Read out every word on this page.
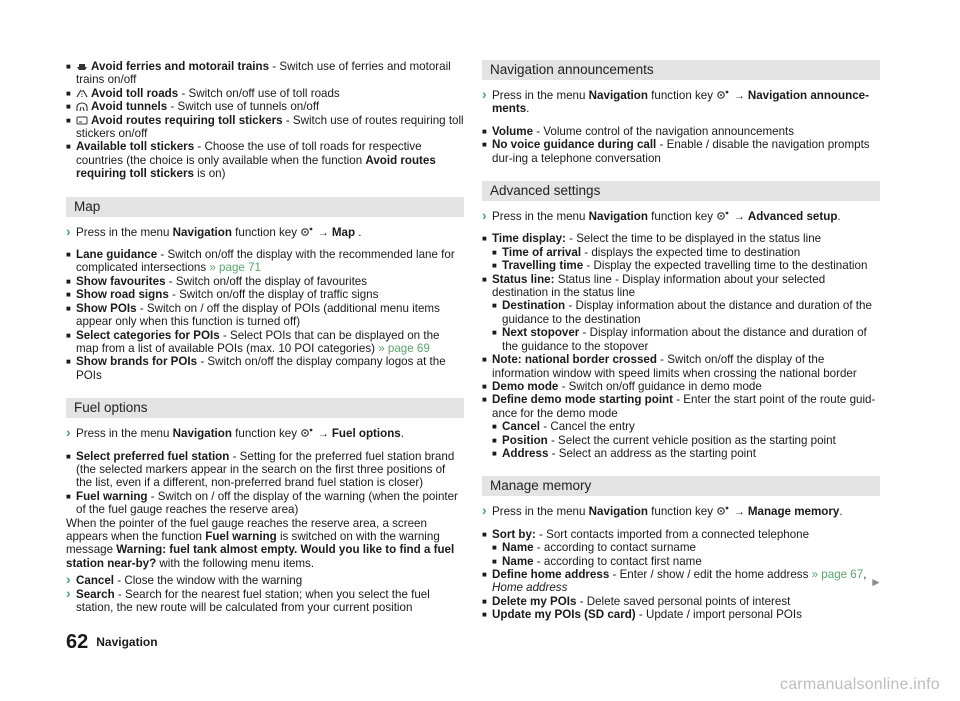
■ Avoid ferries and motorail trains - Switch use of ferries and motorail trains on/off

■ Avoid toll roads - Switch on/off use of toll roads

■ Avoid tunnels - Switch use of tunnels on/off

■ Avoid routes requiring toll stickers - Switch use of routes requiring toll stickers on/off

■ Available toll stickers - Choose the use of toll roads for respective countries (the choice is only available when the function Avoid routes requiring toll stickers is on)

Map

› Press in the menu Navigation function key → Map .

■ Lane guidance - Switch on/off the display with the recommended lane for complicated intersections » page 71

■ Show favourites - Switch on/off the display of favourites

■ Show road signs - Switch on/off the display of traffic signs

■ Show POIs - Switch on / off the display of POIs (additional menu items appear only when this function is turned off)

■ Select categories for POIs - Select POIs that can be displayed on the map from a list of available POIs (max. 10 POI categories) » page 69

■ Show brands for POIs - Switch on/off the display company logos at the POIs

Fuel options

› Press in the menu Navigation function key → Fuel options.

■ Select preferred fuel station - Setting for the preferred fuel station brand (the selected markers appear in the search on the first three positions of the list, even if a different, non-preferred brand fuel station is closer)

■ Fuel warning - Switch on / off the display of the warning (when the pointer of the fuel gauge reaches the reserve area)

When the pointer of the fuel gauge reaches the reserve area, a screen appears when the function Fuel warning is switched on with the warning message Warning: fuel tank almost empty. Would you like to find a fuel station near-by? with the following menu items.

› Cancel - Close the window with the warning

› Search - Search for the nearest fuel station; when you select the fuel station, the new route will be calculated from your current position

Navigation announcements

› Press in the menu Navigation function key → Navigation announce-ments.

■ Volume - Volume control of the navigation announcements

■ No voice guidance during call - Enable / disable the navigation prompts dur-ing a telephone conversation

Advanced settings

› Press in the menu Navigation function key → Advanced setup.

■ Time display: - Select the time to be displayed in the status line

■ Time of arrival - displays the expected time to destination

■ Travelling time - Display the expected travelling time to the destination

■ Status line: Status line - Display information about your selected destination in the status line

■ Destination - Display information about the distance and duration of the guidance to the destination

■ Next stopover - Display information about the distance and duration of the guidance to the stopover

■ Note: national border crossed - Switch on/off the display of the information window with speed limits when crossing the national border

■ Demo mode - Switch on/off guidance in demo mode

■ Define demo mode starting point - Enter the start point of the route guid-ance for the demo mode

■ Cancel - Cancel the entry

■ Position - Select the current vehicle position as the starting point

■ Address - Select an address as the starting point

Manage memory

› Press in the menu Navigation function key → Manage memory.

■ Sort by: - Sort contacts imported from a connected telephone

■ Name - according to contact surname

■ Name - according to contact first name

■ Define home address - Enter / show / edit the home address » page 67,
Home address

■ Delete my POIs - Delete saved personal points of interest

■ Update my POIs (SD card) - Update / import personal POIs

►
62 Navigation
carmanualsonline.info
